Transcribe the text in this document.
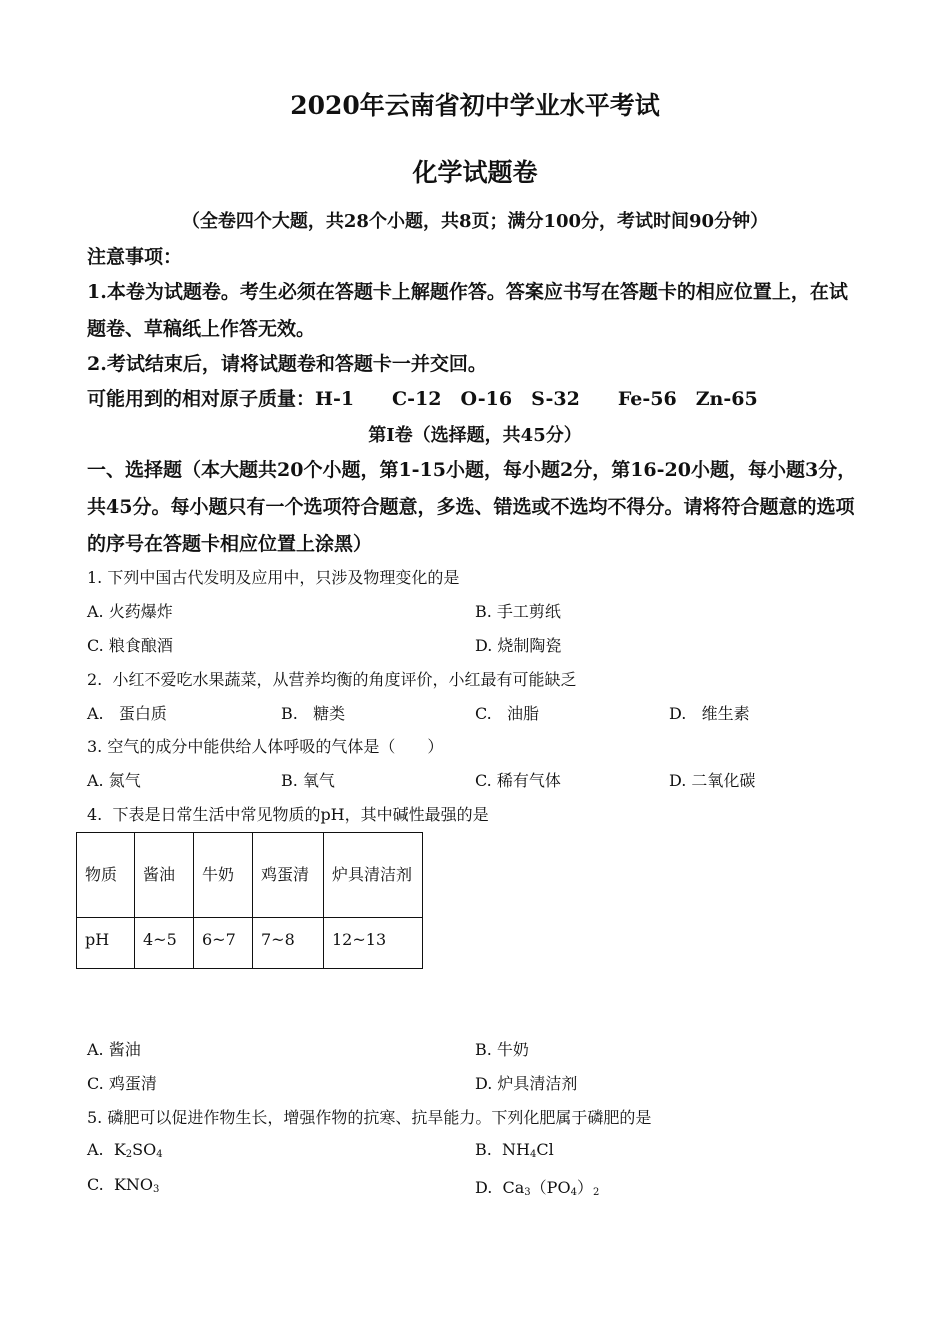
2020年云南省初中学业水平考试
化学试题卷
（全卷四个大题，共28个小题，共8页；满分100分，考试时间90分钟）
注意事项：
1.本卷为试题卷。考生必须在答题卡上解题作答。答案应书写在答题卡的相应位置上，在试
题卷、草稿纸上作答无效。
2.考试结束后，请将试题卷和答题卡一并交回。
可能用到的相对原子质量：H-1　　C-12　O-16　S-32　　Fe-56　Zn-65
第Ⅰ卷（选择题，共45分）
一、选择题（本大题共20个小题，第1-15小题，每小题2分，第16-20小题，每小题3分，
共45分。每小题只有一个选项符合题意，多选、错选或不选均不得分。请将符合题意的选项
的序号在答题卡相应位置上涂黑）
1. 下列中国古代发明及应用中，只涉及物理变化的是
A. 火药爆炸	B. 手工剪纸
C. 粮食酿酒	D. 烧制陶瓷
2.  小红不爱吃水果蔬菜，从营养均衡的角度评价，小红最有可能缺乏
A.   蛋白质	B.   糖类	C.   油脂	D.   维生素
3. 空气的成分中能供给人体呼吸的气体是（　　）
A. 氮气	B. 氧气	C. 稀有气体	D. 二氧化碳
4.  下表是日常生活中常见物质的pH，其中碱性最强的是
物质	酱油	牛奶	鸡蛋清	炉具清洁剂
pH	4~5	6~7	7~8	12~13
A. 酱油	B. 牛奶
C. 鸡蛋清	D. 炉具清洁剂
5. 磷肥可以促进作物生长，增强作物的抗寒、抗旱能力。下列化肥属于磷肥的是
A. $K_2SO_4$	B. $NH_4Cl$
C. $KNO_3$	D. $Ca_3(PO_4)_2$
